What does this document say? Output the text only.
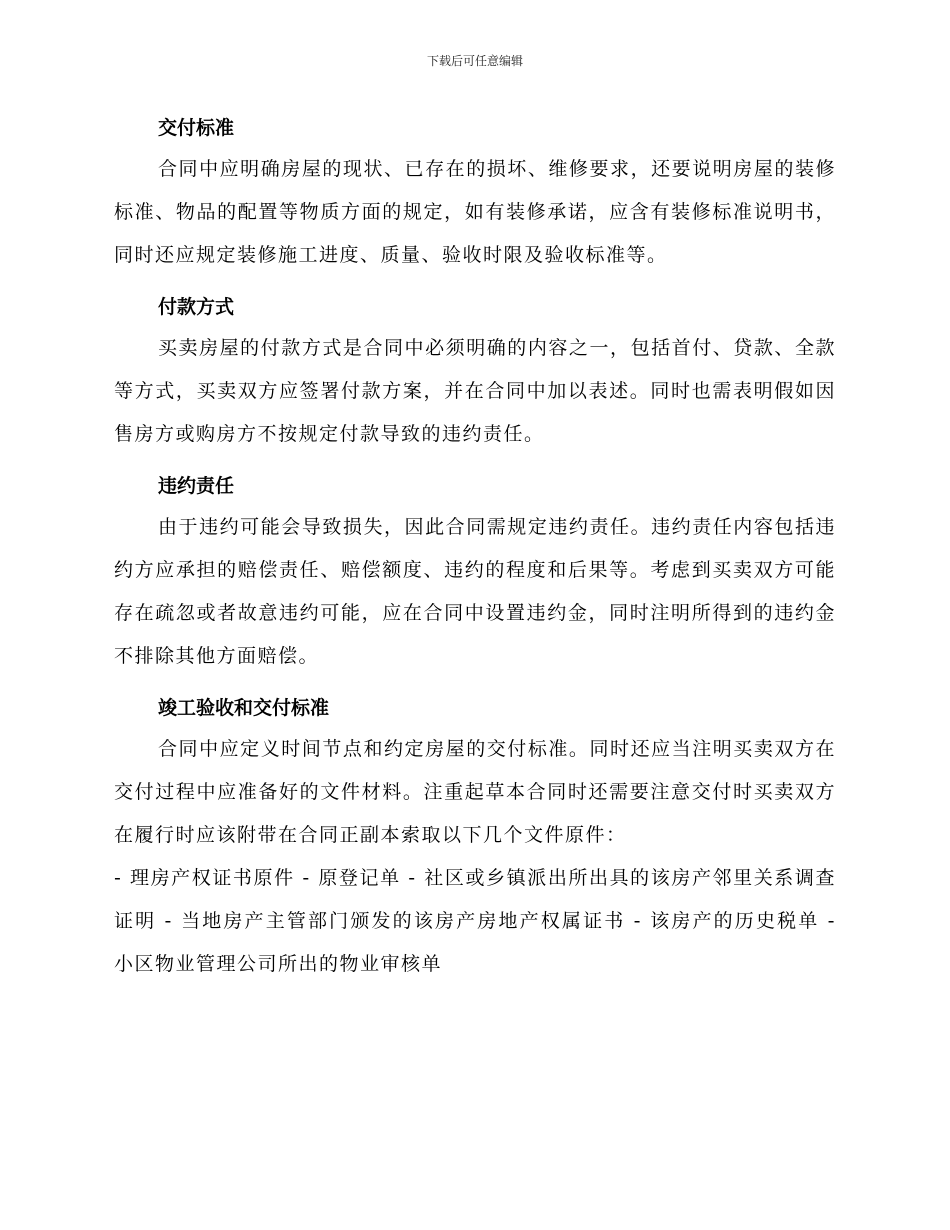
下载后可任意编辑
交付标准

合同中应明确房屋的现状、已存在的损坏、维修要求，还要说明房屋的装修标准、物品的配置等物质方面的规定，如有装修承诺，应含有装修标准说明书，同时还应规定装修施工进度、质量、验收时限及验收标准等。

付款方式

买卖房屋的付款方式是合同中必须明确的内容之一，包括首付、贷款、全款等方式，买卖双方应签署付款方案，并在合同中加以表述。同时也需表明假如因售房方或购房方不按规定付款导致的违约责任。

违约责任

由于违约可能会导致损失，因此合同需规定违约责任。违约责任内容包括违约方应承担的赔偿责任、赔偿额度、违约的程度和后果等。考虑到买卖双方可能存在疏忽或者故意违约可能，应在合同中设置违约金，同时注明所得到的违约金不排除其他方面赔偿。

竣工验收和交付标准

合同中应定义时间节点和约定房屋的交付标准。同时还应当注明买卖双方在交付过程中应准备好的文件材料。注重起草本合同时还需要注意交付时买卖双方在履行时应该附带在合同正副本索取以下几个文件原件：

- 理房产权证书原件 - 原登记单 - 社区或乡镇派出所出具的该房产邻里关系调查证明 - 当地房产主管部门颁发的该房产房地产权属证书 - 该房产的历史税单 - 小区物业管理公司所出的物业审核单
